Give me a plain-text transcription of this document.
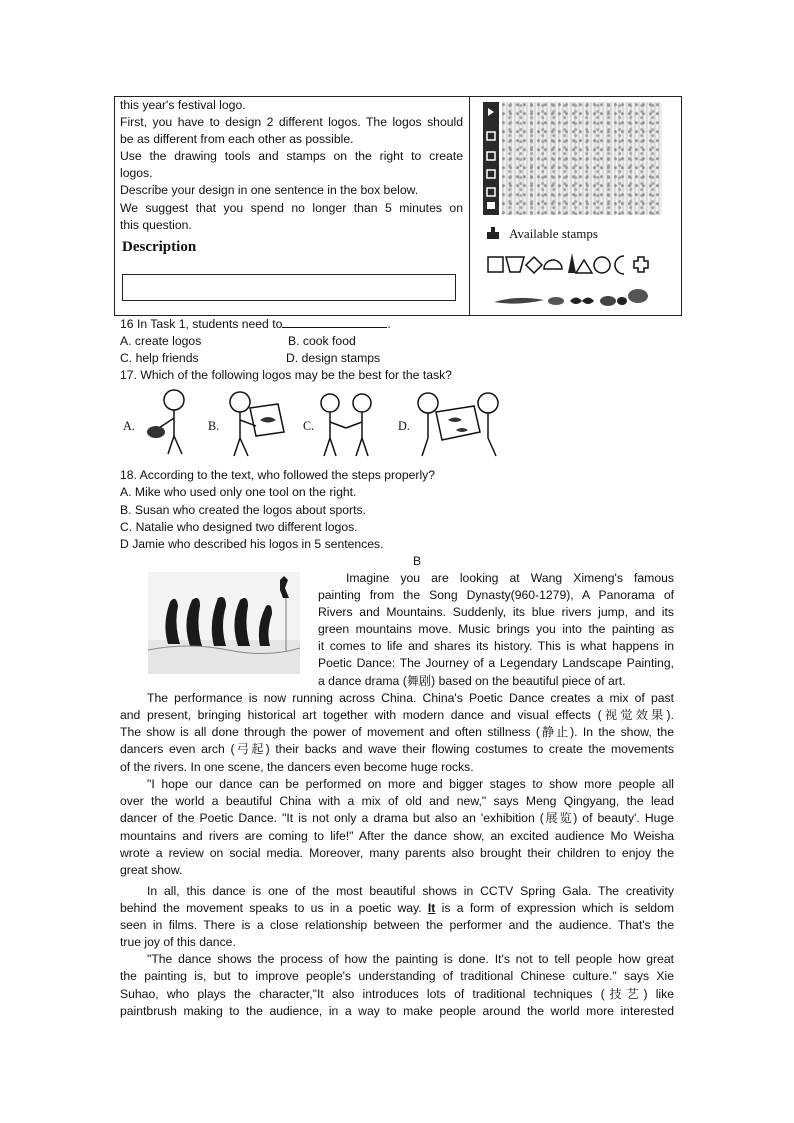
this year's festival logo.
First, you have to design 2 different logos. The logos should
be as different from each other as possible.
Use the drawing tools and stamps on the right to create
logos.
Describe your design in one sentence in the box below.
We suggest that you spend no longer than 5 minutes on
this question.
Description
Available stamps
16 In Task 1, students need to	.
A. create logos	B. cook food
C. help friends	D. design stamps
17. Which of the following logos may be the best for the task?
A.	B.	C.	D.
18. According to the text, who followed the steps properly?
A. Mike who used only one tool on the right.
B. Susan who created the logos about sports.
C. Natalie who designed two different logos.
D Jamie who described his logos in 5 sentences.
B
Imagine you are looking at Wang Ximeng's famous
painting from the Song Dynasty(960-1279), A Panorama of
Rivers and Mountains. Suddenly, its blue rivers jump, and its
green mountains move. Music brings you into the painting as
it comes to life and shares its history. This is what happens in
Poetic Dance: The Journey of a Legendary Landscape Painting,
a dance drama (舞剧) based on the beautiful piece of art.
The performance is now running across China. China's Poetic Dance creates a mix of past
and present, bringing historical art together with modern dance and visual effects (视觉效果).
The show is all done through the power of movement and often stillness (静止). In the show, the
dancers even arch (弓起) their backs and wave their flowing costumes to create the movements
of the rivers. In one scene, the dancers even become huge rocks.
"I hope our dance can be performed on more and bigger stages to show more people all
over the world a beautiful China with a mix of old and new," says Meng Qingyang, the lead
dancer of the Poetic Dance. "It is not only a drama but also an 'exhibition (展览) of beauty'. Huge
mountains and rivers are coming to life!" After the dance show, an excited audience Mo Weisha
wrote a review on social media. Moreover, many parents also brought their children to enjoy the
great show.
In all, this dance is one of the most beautiful shows in CCTV Spring Gala. The creativity
behind the movement speaks to us in a poetic way. It is a form of expression which is seldom
seen in films. There is a close relationship between the performer and the audience. That's the
true joy of this dance.
"The dance shows the process of how the painting is done. It's not to tell people how great
the painting is, but to improve people's understanding of traditional Chinese culture." says Xie
Suhao, who plays the character,"It also introduces lots of traditional techniques (技艺) like
paintbrush making to the audience, in a way to make people around the world more interested
